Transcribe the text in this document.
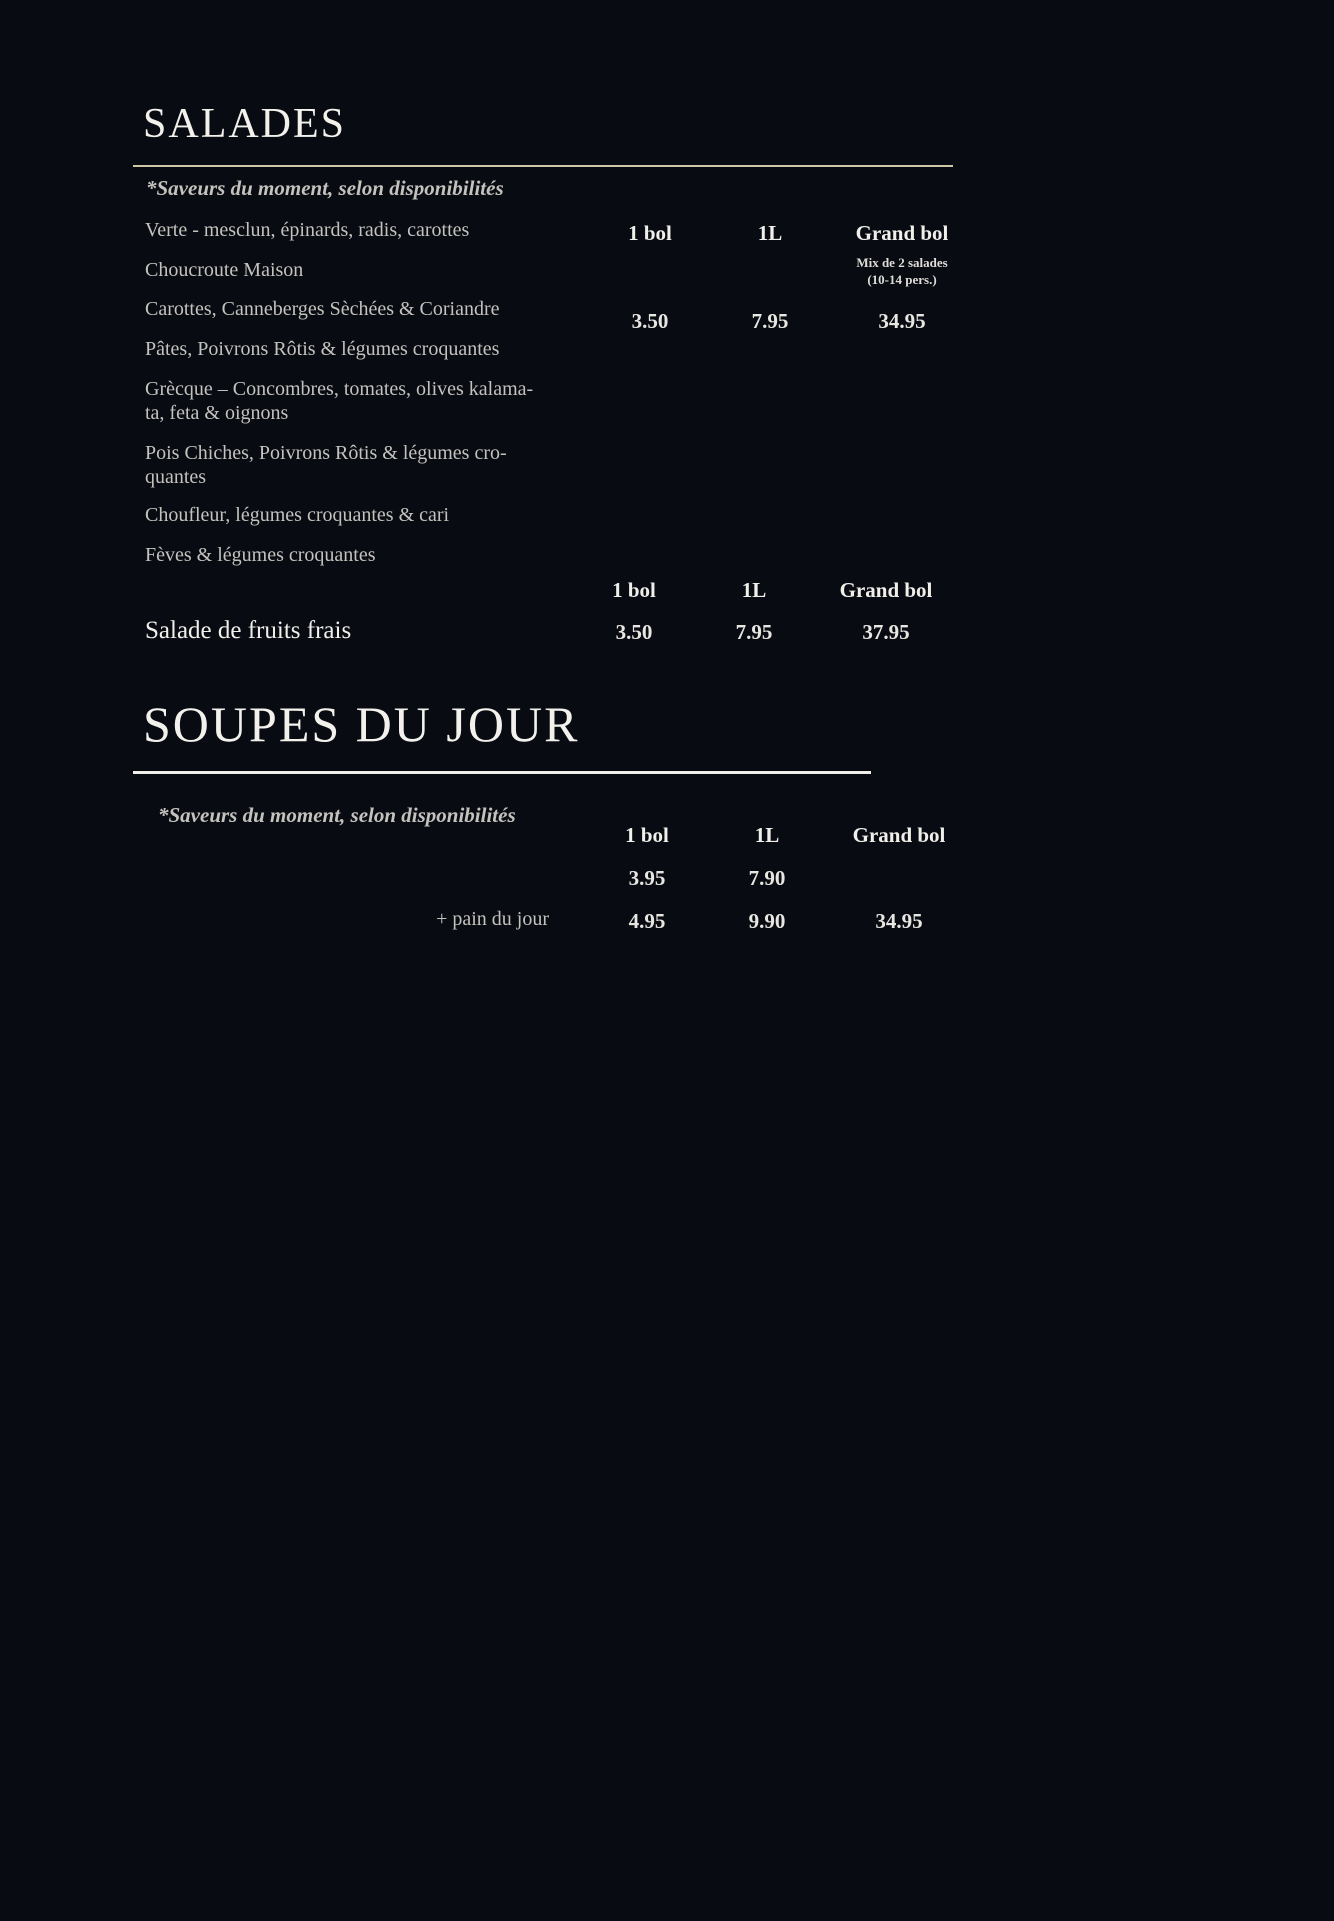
SALADES
*Saveurs du moment, selon disponibilités
Verte - mesclun, épinards, radis, carottes
Choucroute Maison
Carottes, Canneberges Sèchées & Coriandre
Pâtes, Poivrons Rôtis & légumes croquantes
Grècque – Concombres, tomates, olives kalama-
ta, feta & oignons
Pois Chiches, Poivrons Rôtis & légumes cro-
quantes
Choufleur, légumes croquantes & cari
Fèves & légumes croquantes
1 bol	1L	Grand bol
Mix de 2 salades
(10-14 pers.)
3.50	7.95	34.95
1 bol	1L	Grand bol
Salade de fruits frais	3.50	7.95	37.95
SOUPES DU JOUR
*Saveurs du moment, selon disponibilités
1 bol	1L	Grand bol
3.95	7.90
+ pain du jour	4.95	9.90	34.95
